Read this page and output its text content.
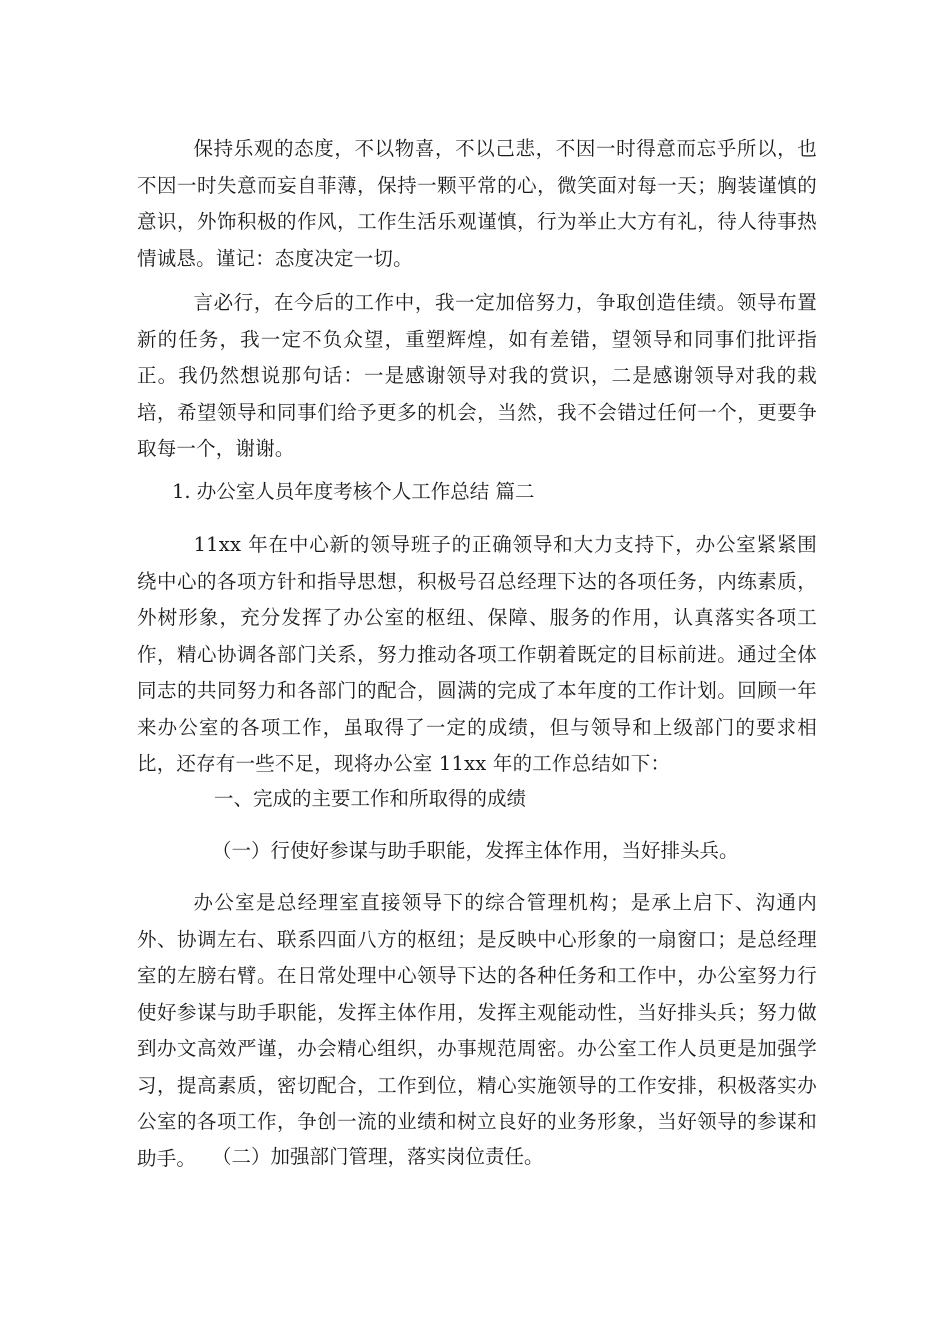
保持乐观的态度，不以物喜，不以己悲，不因一时得意而忘乎所以，也不因一时失意而妄自菲薄，保持一颗平常的心，微笑面对每一天；胸装谨慎的意识，外饰积极的作风，工作生活乐观谨慎，行为举止大方有礼，待人待事热情诚恳。谨记：态度决定一切。

言必行，在今后的工作中，我一定加倍努力，争取创造佳绩。领导布置新的任务，我一定不负众望，重塑辉煌，如有差错，望领导和同事们批评指正。我仍然想说那句话：一是感谢领导对我的赏识，二是感谢领导对我的栽培，希望领导和同事们给予更多的机会，当然，我不会错过任何一个，更要争取每一个，谢谢。

1. 办公室人员年度考核个人工作总结 篇二

11xx 年在中心新的领导班子的正确领导和大力支持下，办公室紧紧围绕中心的各项方针和指导思想，积极号召总经理下达的各项任务，内练素质，外树形象，充分发挥了办公室的枢纽、保障、服务的作用，认真落实各项工作，精心协调各部门关系，努力推动各项工作朝着既定的目标前进。通过全体同志的共同努力和各部门的配合，圆满的完成了本年度的工作计划。回顾一年来办公室的各项工作，虽取得了一定的成绩，但与领导和上级部门的要求相比，还存有一些不足，现将办公室 11xx 年的工作总结如下：

一、完成的主要工作和所取得的成绩

（一）行使好参谋与助手职能，发挥主体作用，当好排头兵。

办公室是总经理室直接领导下的综合管理机构；是承上启下、沟通内外、协调左右、联系四面八方的枢纽；是反映中心形象的一扇窗口；是总经理室的左膀右臂。在日常处理中心领导下达的各种任务和工作中，办公室努力行使好参谋与助手职能，发挥主体作用，发挥主观能动性，当好排头兵；努力做到办文高效严谨，办会精心组织，办事规范周密。办公室工作人员更是加强学习，提高素质，密切配合，工作到位，精心实施领导的工作安排，积极落实办公室的各项工作，争创一流的业绩和树立良好的业务形象，当好领导的参谋和助手。 （二）加强部门管理，落实岗位责任。
